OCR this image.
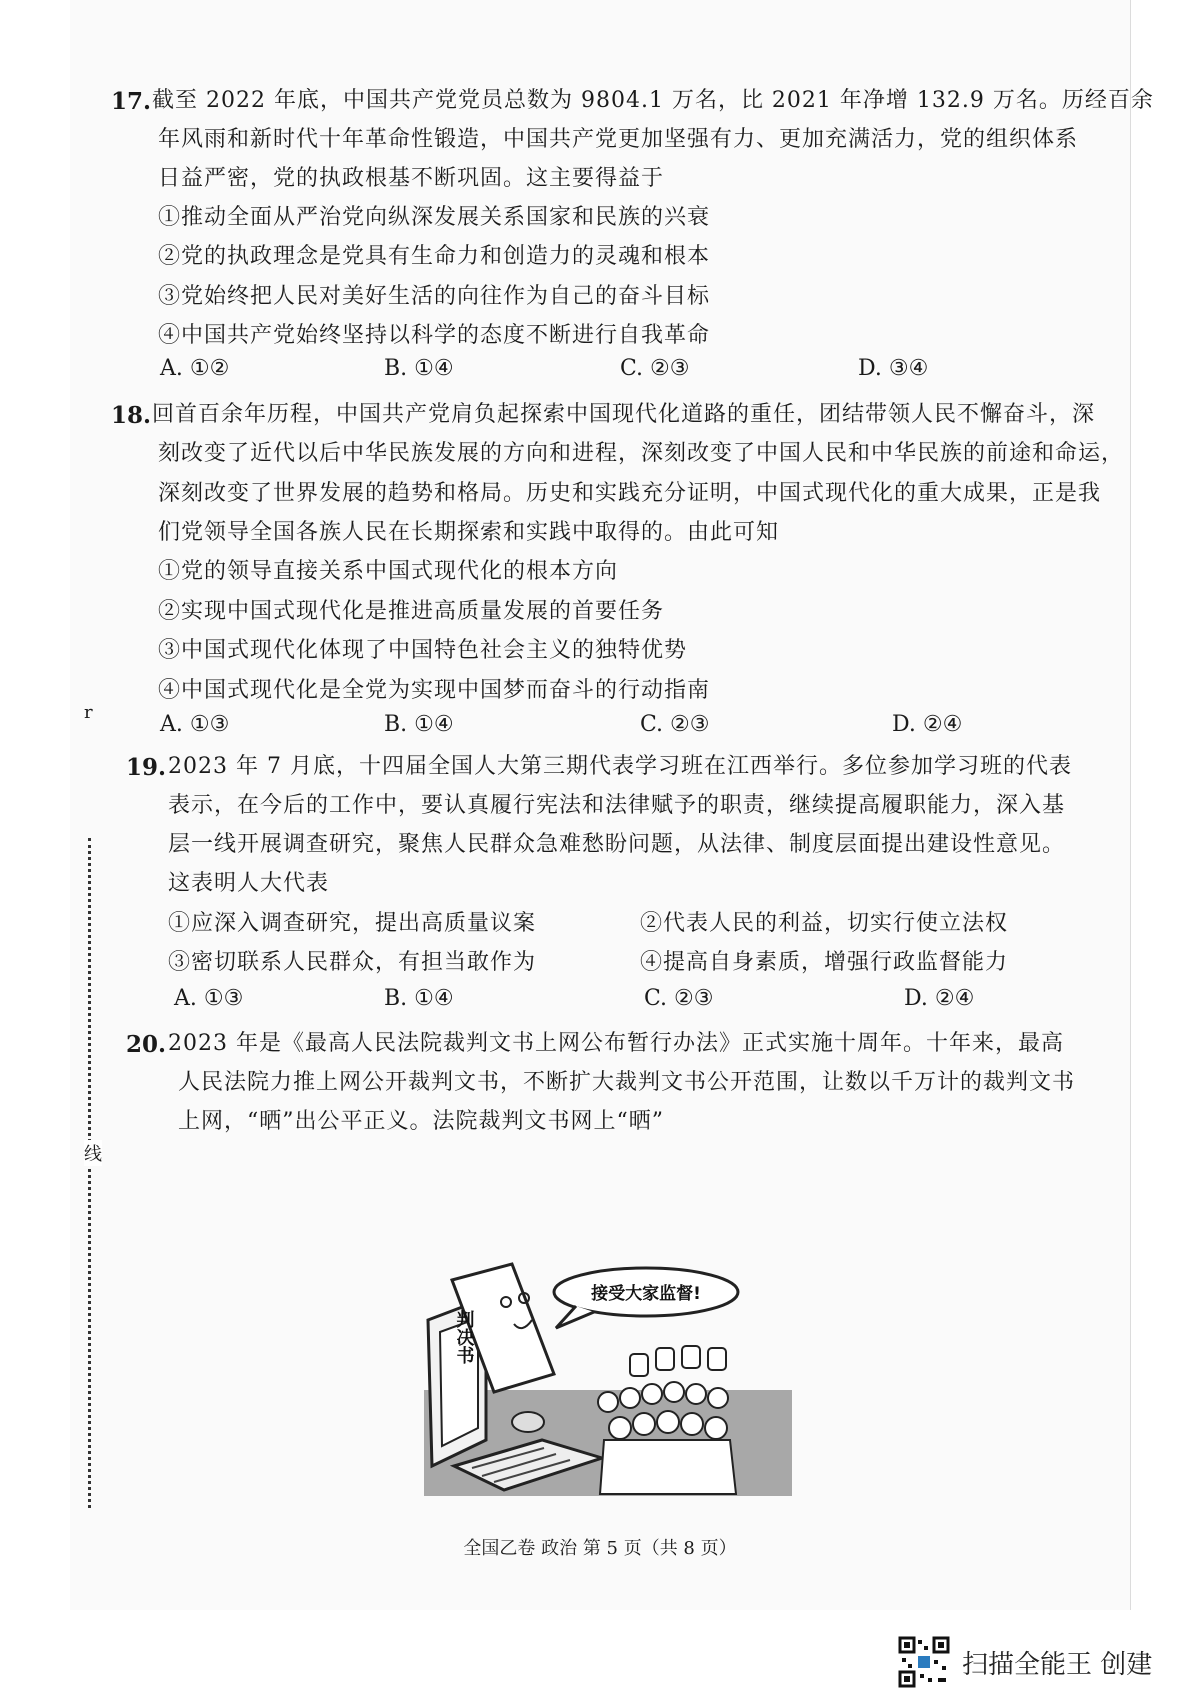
17. 截至 2022 年底，中国共产党党员总数为 9804.1 万名，比 2021 年净增 132.9 万名。历经百余
年风雨和新时代十年革命性锻造，中国共产党更加坚强有力、更加充满活力，党的组织体系
日益严密，党的执政根基不断巩固。这主要得益于
①推动全面从严治党向纵深发展关系国家和民族的兴衰
②党的执政理念是党具有生命力和创造力的灵魂和根本
③党始终把人民对美好生活的向往作为自己的奋斗目标
④中国共产党始终坚持以科学的态度不断进行自我革命
A. ①②	B. ①④	C. ②③	D. ③④
18. 回首百余年历程，中国共产党肩负起探索中国现代化道路的重任，团结带领人民不懈奋斗，深
刻改变了近代以后中华民族发展的方向和进程，深刻改变了中国人民和中华民族的前途和命运，
深刻改变了世界发展的趋势和格局。历史和实践充分证明，中国式现代化的重大成果，正是我
们党领导全国各族人民在长期探索和实践中取得的。由此可知
①党的领导直接关系中国式现代化的根本方向
②实现中国式现代化是推进高质量发展的首要任务
③中国式现代化体现了中国特色社会主义的独特优势
④中国式现代化是全党为实现中国梦而奋斗的行动指南
A. ①③	B. ①④	C. ②③	D. ②④
19. 2023 年 7 月底，十四届全国人大第三期代表学习班在江西举行。多位参加学习班的代表
表示，在今后的工作中，要认真履行宪法和法律赋予的职责，继续提高履职能力，深入基
层一线开展调查研究，聚焦人民群众急难愁盼问题，从法律、制度层面提出建设性意见。
这表明人大代表
①应深入调查研究，提出高质量议案	②代表人民的利益，切实行使立法权
③密切联系人民群众，有担当敢作为	④提高自身素质，增强行政监督能力
A. ①③	B. ①④	C. ②③	D. ②④
20. 2023 年是《最高人民法院裁判文书上网公布暂行办法》正式实施十周年。十年来，最高
人民法院力推上网公开裁判文书，不断扩大裁判文书公开范围，让数以千万计的裁判文书
上网，“晒”出公平正义。法院裁判文书网上“晒”
判决书
接受大家监督!
r
线
全国乙卷 政治 第 5 页（共 8 页）
扫描全能王 创建
